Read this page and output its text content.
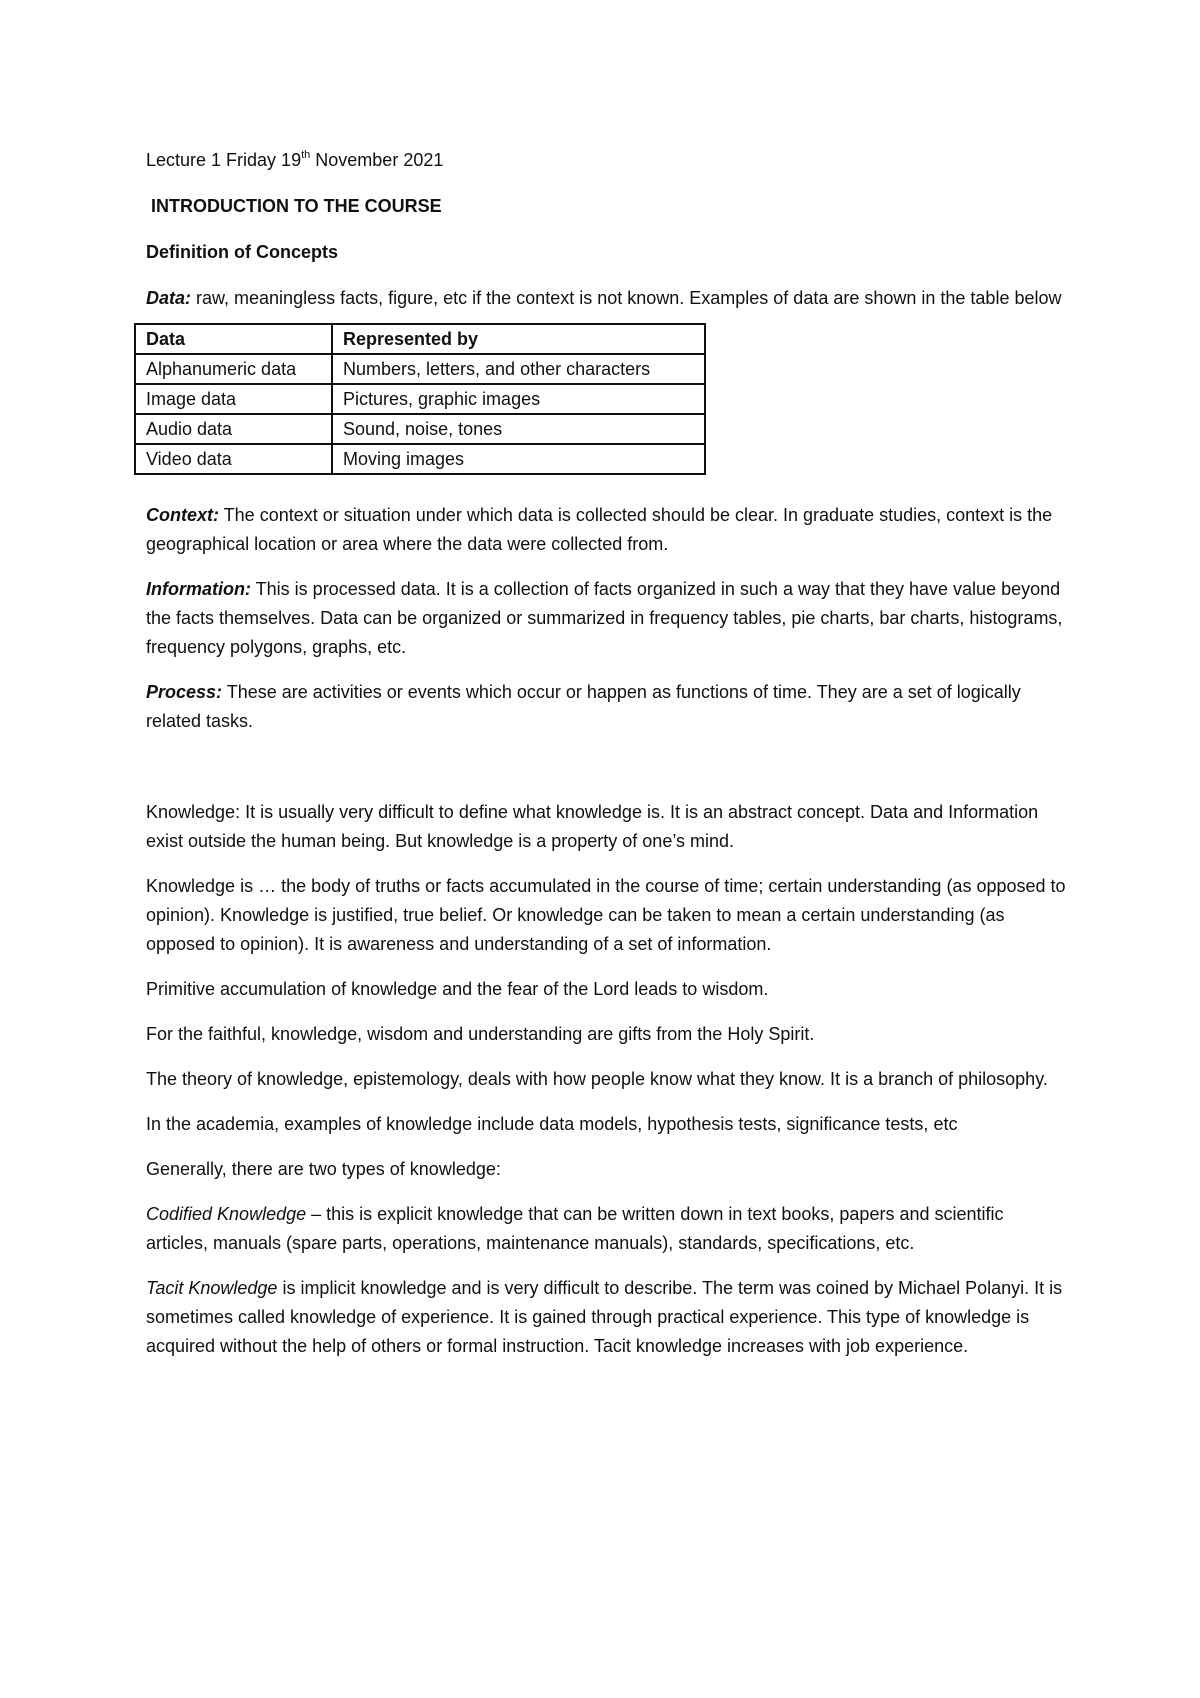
Lecture 1 Friday 19th November 2021

INTRODUCTION TO THE COURSE

Definition of Concepts

Data: raw, meaningless facts, figure, etc if the context is not known. Examples of data are shown in the table below

Data	Represented by
Alphanumeric data	Numbers, letters, and other characters
Image data	Pictures, graphic images
Audio data	Sound, noise, tones
Video data	Moving images

Context: The context or situation under which data is collected should be clear. In graduate studies, context is the geographical location or area where the data were collected from.

Information: This is processed data. It is a collection of facts organized in such a way that they have value beyond the facts themselves. Data can be organized or summarized in frequency tables, pie charts, bar charts, histograms, frequency polygons, graphs, etc.

Process: These are activities or events which occur or happen as functions of time. They are a set of logically related tasks.

Knowledge: It is usually very difficult to define what knowledge is. It is an abstract concept. Data and Information exist outside the human being. But knowledge is a property of one’s mind.

Knowledge is … the body of truths or facts accumulated in the course of time; certain understanding (as opposed to opinion). Knowledge is justified, true belief. Or knowledge can be taken to mean a certain understanding (as opposed to opinion). It is awareness and understanding of a set of information.

Primitive accumulation of knowledge and the fear of the Lord leads to wisdom.

For the faithful, knowledge, wisdom and understanding are gifts from the Holy Spirit.

The theory of knowledge, epistemology, deals with how people know what they know. It is a branch of philosophy.

In the academia, examples of knowledge include data models, hypothesis tests, significance tests, etc

Generally, there are two types of knowledge:

Codified Knowledge – this is explicit knowledge that can be written down in text books, papers and scientific articles, manuals (spare parts, operations, maintenance manuals), standards, specifications, etc.

Tacit Knowledge is implicit knowledge and is very difficult to describe. The term was coined by Michael Polanyi. It is sometimes called knowledge of experience. It is gained through practical experience. This type of knowledge is acquired without the help of others or formal instruction. Tacit knowledge increases with job experience.
